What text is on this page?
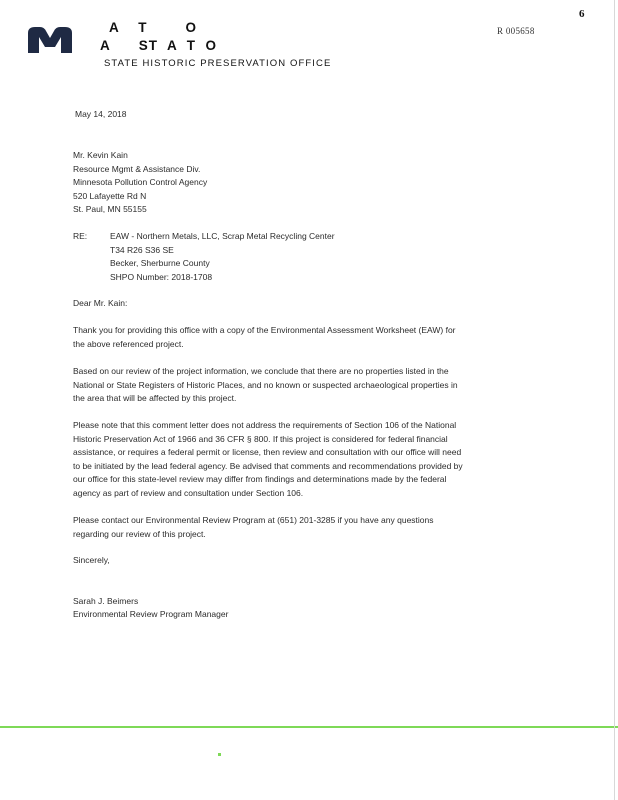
A    T        O
A      ST  A  T  O
STATE HISTORIC PRESERVATION OFFICE
6
R 005658
May 14, 2018
Mr. Kevin Kain
Resource Mgmt & Assistance Div.
Minnesota Pollution Control Agency
520 Lafayette Rd N
St. Paul, MN 55155
RE:	EAW - Northern Metals, LLC, Scrap Metal Recycling Center
T34 R26 S36 SE
Becker, Sherburne County
SHPO Number: 2018-1708
Dear Mr. Kain:
Thank you for providing this office with a copy of the Environmental Assessment Worksheet (EAW) for
the above referenced project.
Based on our review of the project information, we conclude that there are no properties listed in the
National or State Registers of Historic Places, and no known or suspected archaeological properties in
the area that will be affected by this project.
Please note that this comment letter does not address the requirements of Section 106 of the National
Historic Preservation Act of 1966 and 36 CFR § 800. If this project is considered for federal financial
assistance, or requires a federal permit or license, then review and consultation with our office will need
to be initiated by the lead federal agency. Be advised that comments and recommendations provided by
our office for this state-level review may differ from findings and determinations made by the federal
agency as part of review and consultation under Section 106.
Please contact our Environmental Review Program at (651) 201-3285 if you have any questions
regarding our review of this project.
Sincerely,
Sarah J. Beimers
Environmental Review Program Manager
